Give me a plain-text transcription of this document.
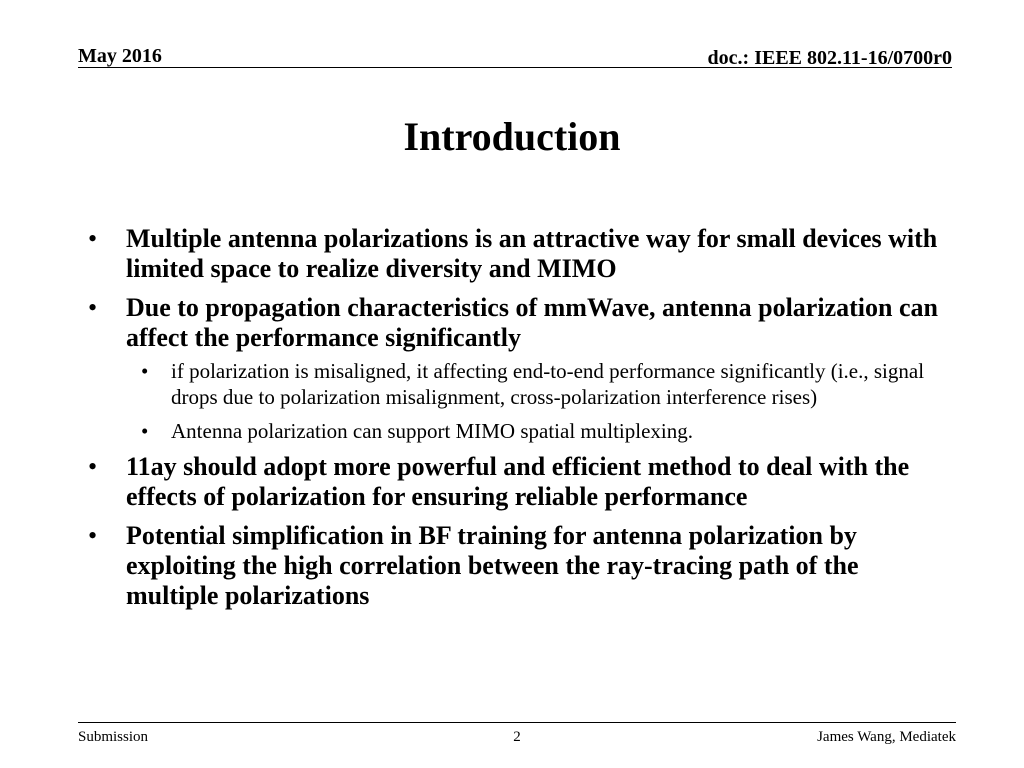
May 2016	doc.: IEEE 802.11-16/0700r0
Introduction
• Multiple antenna polarizations is an attractive way for small devices with limited space to realize diversity and MIMO
• Due to propagation characteristics of mmWave, antenna polarization can affect the performance significantly
• if polarization is misaligned, it affecting end-to-end performance significantly (i.e., signal drops due to polarization misalignment, cross-polarization interference rises)
• Antenna polarization can support MIMO spatial multiplexing.
• 11ay should adopt more powerful and efficient method to deal with the effects of polarization for ensuring reliable performance
• Potential simplification in BF training for antenna polarization by exploiting the high correlation between the ray-tracing path of the multiple polarizations
Submission	2	James Wang, Mediatek
